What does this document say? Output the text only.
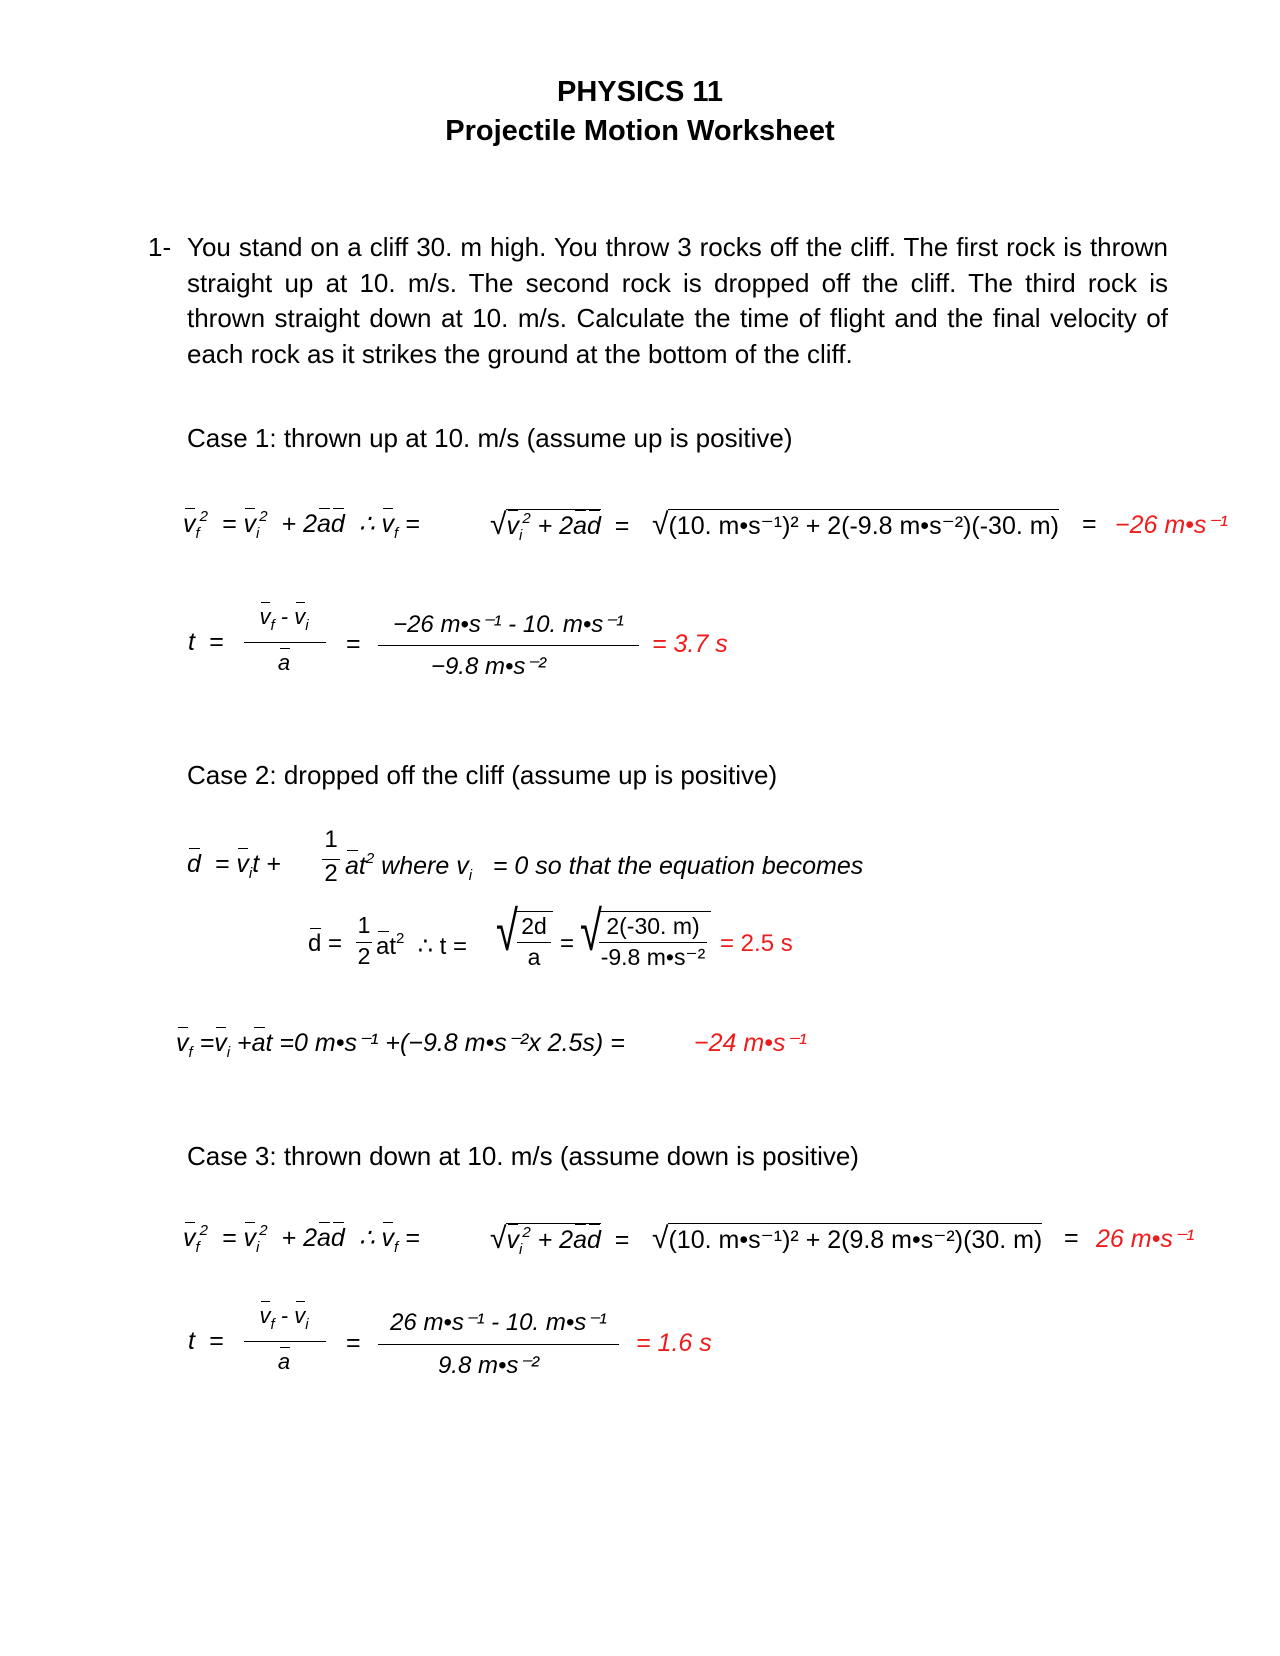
PHYSICS 11
Projectile Motion Worksheet
1- You stand on a cliff 30. m high. You throw 3 rocks off the cliff. The first rock is thrown straight up at 10. m/s. The second rock is dropped off the cliff. The third rock is thrown straight down at 10. m/s. Calculate the time of flight and the final velocity of each rock as it strikes the ground at the bottom of the cliff.
Case 1: thrown up at 10. m/s (assume up is positive)
$v_f^2 = v_i^2 + 2ad$  ∴ $v_f = √v_i^2 + 2ad = √(10$. m•s⁻¹)² + 2(-9.8 m•s⁻²)(-30. m) = −26 m•s⁻¹
t  =
$v_f - v_i$
a
=
−26 m•s⁻¹ - 10. m•s⁻¹
−9.8 m•s⁻²
= 3.7 s
Case 2: dropped off the cliff (assume up is positive)
$d = v_it$ +
1
2 $at^2$ where $v_i = 0$ so that the equation becomes
d =
1
2 $at^2$  ∴ t = √ 2d
a = √ 2(-30. m)
-9.8 m•s⁻² = 2.5 s
$v_f =v_i +at =0$ m•s⁻¹ +(−9.8 m•s⁻²x 2.5s) =	−24 m•s⁻¹
Case 3: thrown down at 10. m/s (assume down is positive)
$v_f^2 = v_i^2 + 2ad$  ∴ $v_f = √v_i^2 + 2ad = √(10$. m•s⁻¹)² + 2(9.8 m•s⁻²)(30. m) = 26 m•s⁻¹
t  =
$v_f - v_i$
a
=
26 m•s⁻¹ - 10. m•s⁻¹
9.8 m•s⁻²
= 1.6 s
